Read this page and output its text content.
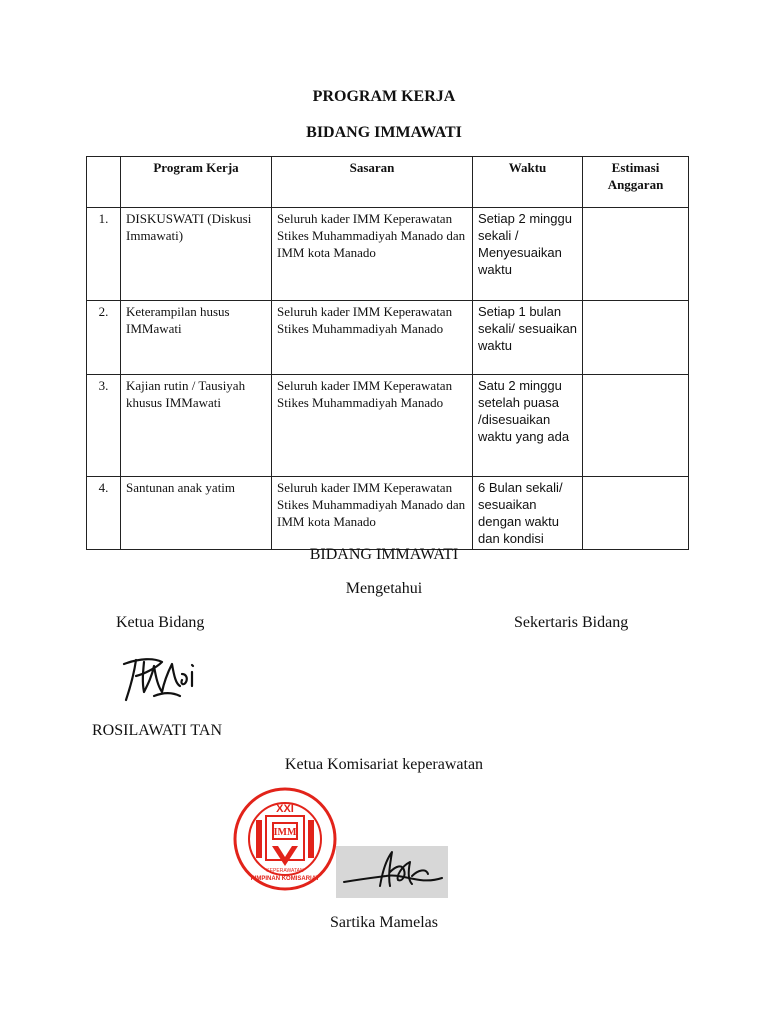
PROGRAM KERJA
BIDANG IMMAWATI
	Program Kerja	Sasaran	Waktu	Estimasi Anggaran
1.	DISKUSWATI (Diskusi Immawati)	Seluruh kader IMM Keperawatan Stikes Muhammadiyah Manado dan IMM kota Manado	Setiap 2 minggu sekali / Menyesuaikan waktu	
2.	Keterampilan husus IMMawati	Seluruh kader IMM Keperawatan Stikes Muhammadiyah Manado	Setiap 1 bulan sekali/ sesuaikan waktu	
3.	Kajian rutin / Tausiyah khusus IMMawati	Seluruh kader IMM Keperawatan Stikes Muhammadiyah Manado	Satu 2 minggu setelah puasa /disesuaikan waktu yang ada	
4.	Santunan anak yatim	Seluruh kader IMM Keperawatan Stikes Muhammadiyah Manado dan IMM kota Manado	6 Bulan sekali/ sesuaikan dengan waktu dan kondisi	
BIDANG IMMAWATI
Mengetahui
Ketua Bidang	Sekertaris Bidang
ROSILAWATI TAN
Ketua Komisariat keperawatan
XXI
IMM
PIMPINAN KOMISARIAT
KEPERAWATAN
Sartika Mamelas
